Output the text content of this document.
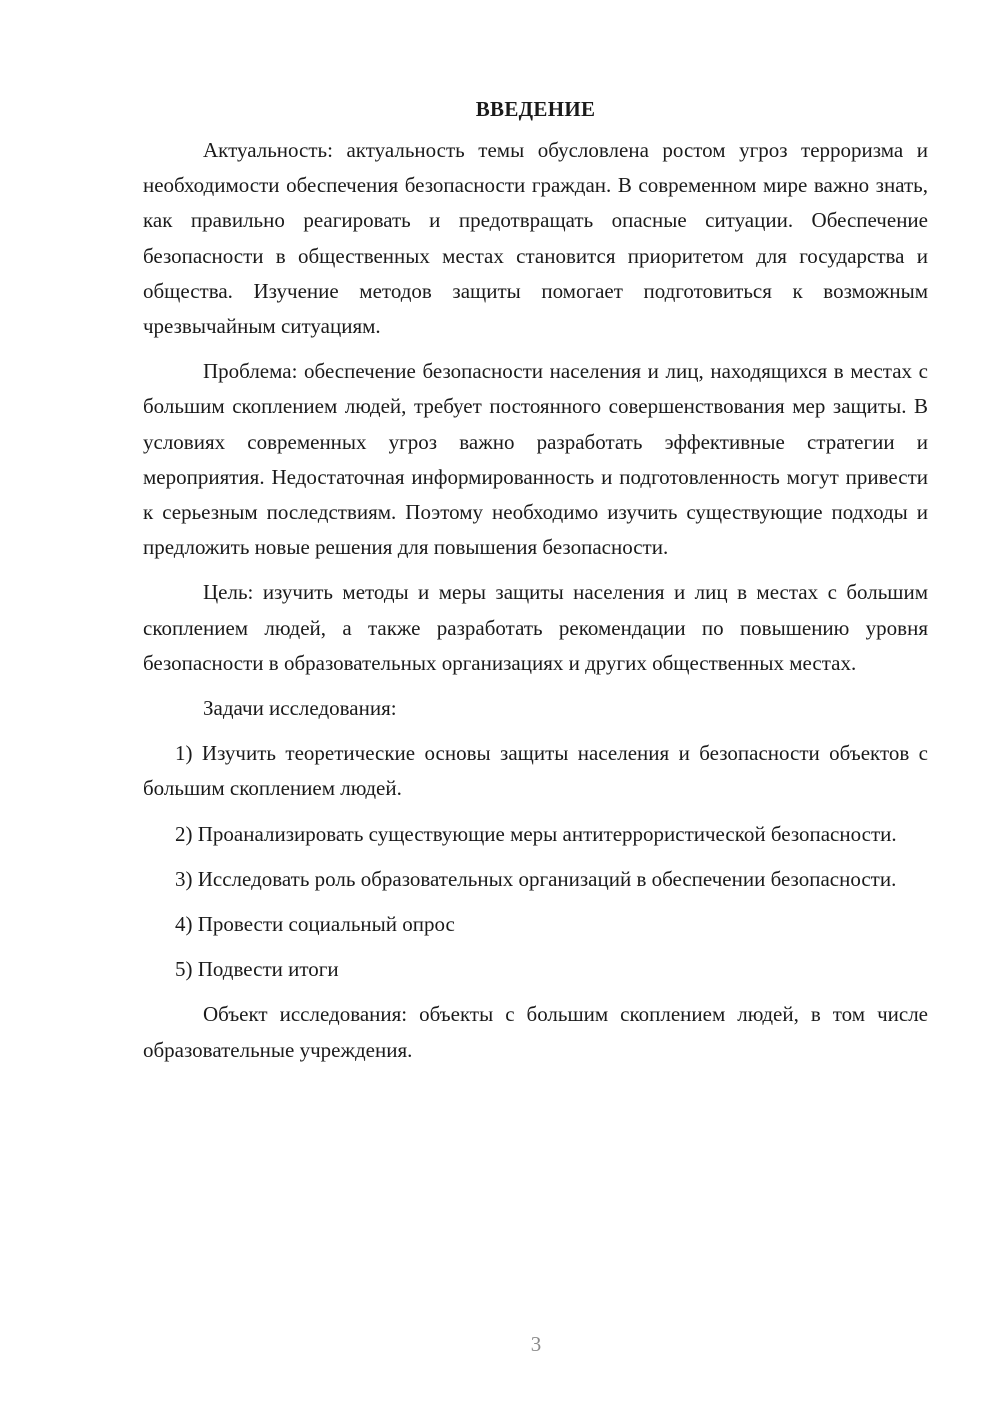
ВВЕДЕНИЕ

Актуальность: актуальность темы обусловлена ростом угроз терроризма и необходимости обеспечения безопасности граждан. В современном мире важно знать, как правильно реагировать и предотвращать опасные ситуации. Обеспечение безопасности в общественных местах становится приоритетом для государства и общества. Изучение методов защиты помогает подготовиться к возможным чрезвычайным ситуациям.

Проблема: обеспечение безопасности населения и лиц, находящихся в местах с большим скоплением людей, требует постоянного совершенствования мер защиты. В условиях современных угроз важно разработать эффективные стратегии и мероприятия. Недостаточная информированность и подготовленность могут привести к серьезным последствиям. Поэтому необходимо изучить существующие подходы и предложить новые решения для повышения безопасности.

Цель: изучить методы и меры защиты населения и лиц в местах с большим скоплением людей, а также разработать рекомендации по повышению уровня безопасности в образовательных организациях и других общественных местах.

Задачи исследования:

1) Изучить теоретические основы защиты населения и безопасности объектов с большим скоплением людей.

2) Проанализировать существующие меры антитеррористической безопасности.

3) Исследовать роль образовательных организаций в обеспечении безопасности.

4) Провести социальный опрос

5) Подвести итоги

Объект исследования: объекты с большим скоплением людей, в том числе образовательные учреждения.

3
